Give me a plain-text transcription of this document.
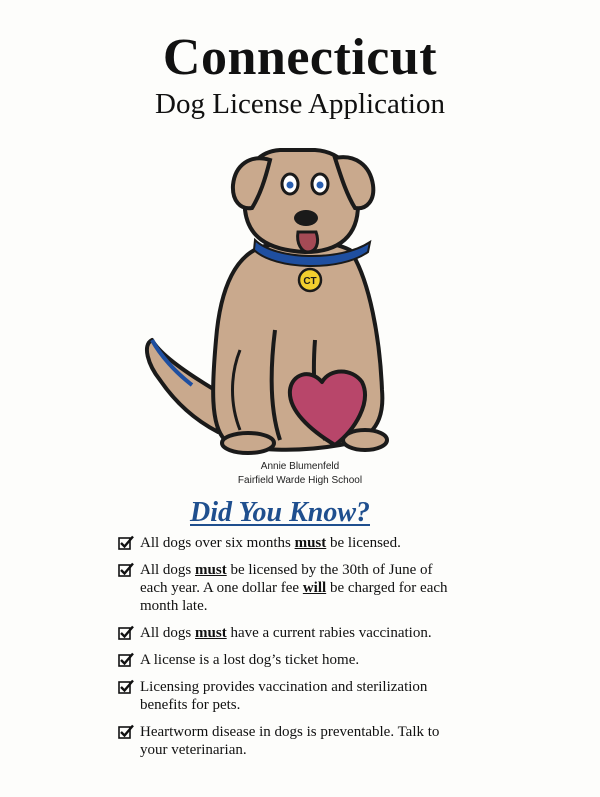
Connecticut
Dog License Application
CT
Annie Blumenfeld
Fairfield Warde High School
Did You Know?
All dogs over six months must be licensed.
All dogs must be licensed by the 30th of June of each year. A one dollar fee will be charged for each month late.
All dogs must have a current rabies vaccination.
A license is a lost dog’s ticket home.
Licensing provides vaccination and sterilization benefits for pets.
Heartworm disease in dogs is preventable. Talk to your veterinarian.
